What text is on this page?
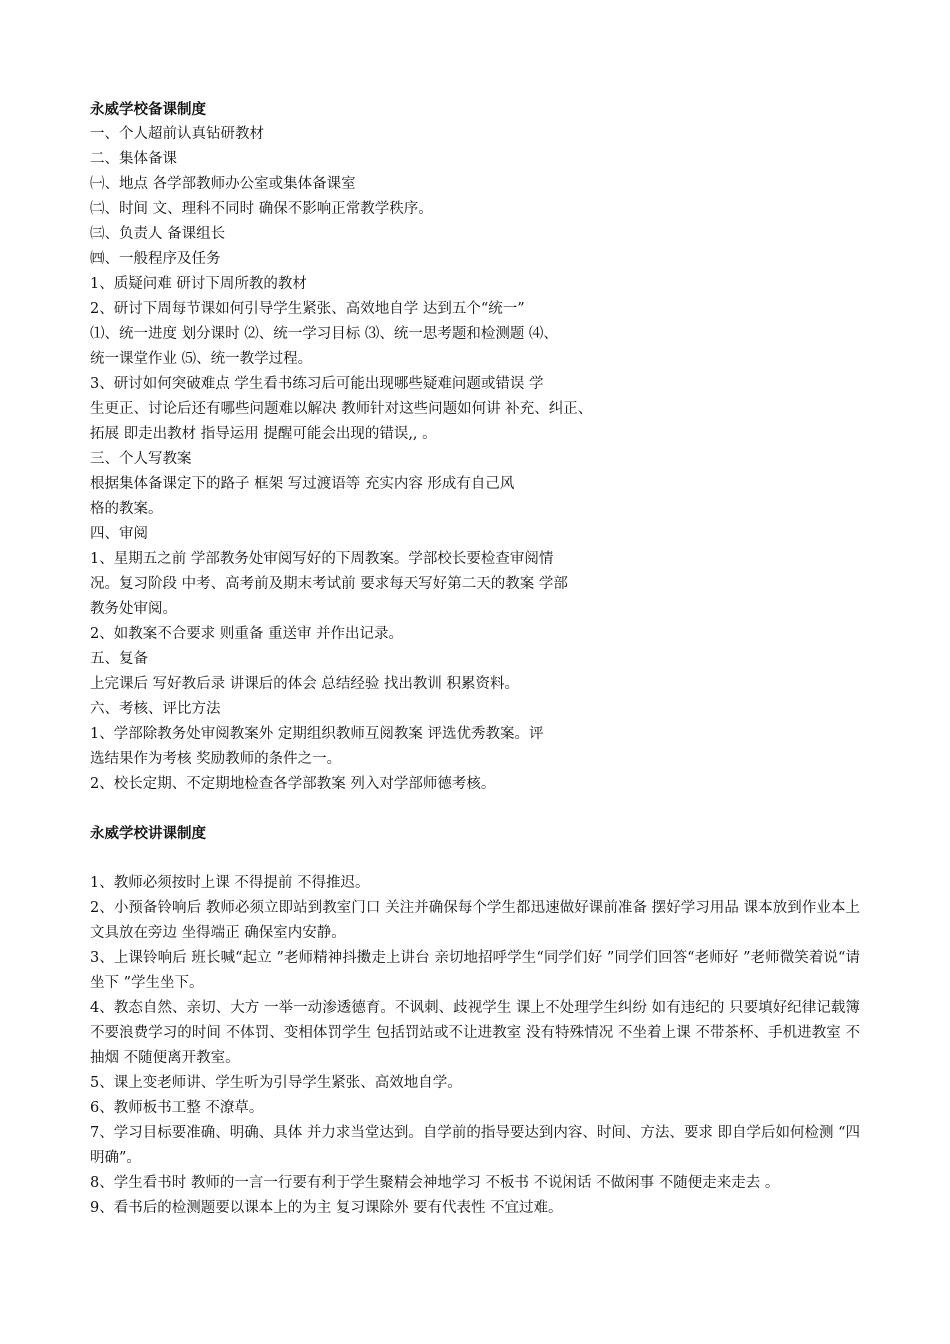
永威学校备课制度
一、个人超前认真钻研教材
二、集体备课
㈠、地点 各学部教师办公室或集体备课室
㈡、时间 文、理科不同时 确保不影响正常教学秩序。
㈢、负责人 备课组长
㈣、一般程序及任务
1、质疑问难 研讨下周所教的教材
2、研讨下周每节课如何引导学生紧张、高效地自学 达到五个“统一”
⑴、统一进度 划分课时 ⑵、统一学习目标 ⑶、统一思考题和检测题 ⑷、
统一课堂作业 ⑸、统一教学过程。
3、研讨如何突破难点 学生看书练习后可能出现哪些疑难问题或错误 学
生更正、讨论后还有哪些问题难以解决 教师针对这些问题如何讲 补充、纠正、
拓展 即走出教材 指导运用 提醒可能会出现的错误,, 。
三、个人写教案
根据集体备课定下的路子 框架 写过渡语等 充实内容 形成有自己风
格的教案。
四、审阅
1、星期五之前 学部教务处审阅写好的下周教案。学部校长要检查审阅情
况。复习阶段 中考、高考前及期末考试前 要求每天写好第二天的教案 学部
教务处审阅。
2、如教案不合要求 则重备 重送审 并作出记录。
五、复备
上完课后 写好教后录 讲课后的体会 总结经验 找出教训 积累资料。
六、考核、评比方法
1、学部除教务处审阅教案外 定期组织教师互阅教案 评选优秀教案。评
选结果作为考核 奖励教师的条件之一。
2、校长定期、不定期地检查各学部教案 列入对学部师德考核。
永威学校讲课制度
1、教师必须按时上课 不得提前 不得推迟。
2、小预备铃响后 教师必须立即站到教室门口 关注并确保每个学生都迅速做好课前准备 摆好学习用品 课本放到作业本上 文具放在旁边 坐得端正 确保室内安静。
3、上课铃响后 班长喊“起立 ”老师精神抖擞走上讲台 亲切地招呼学生“同学们好 ”同学们回答“老师好 ”老师微笑着说“请坐下 ”学生坐下。
4、教态自然、亲切、大方 一举一动渗透德育。不讽刺、歧视学生 课上不处理学生纠纷 如有违纪的 只要填好纪律记载簿 不要浪费学习的时间 不体罚、变相体罚学生 包括罚站或不让进教室 没有特殊情况 不坐着上课 不带茶杯、手机进教室 不抽烟 不随便离开教室。
5、课上变老师讲、学生听为引导学生紧张、高效地自学。
6、教师板书工整 不潦草。
7、学习目标要准确、明确、具体 并力求当堂达到。自学前的指导要达到内容、时间、方法、要求 即自学后如何检测 “四明确”。
8、学生看书时 教师的一言一行要有利于学生聚精会神地学习 不板书 不说闲话 不做闲事 不随便走来走去 。
9、看书后的检测题要以课本上的为主 复习课除外 要有代表性 不宜过难。
